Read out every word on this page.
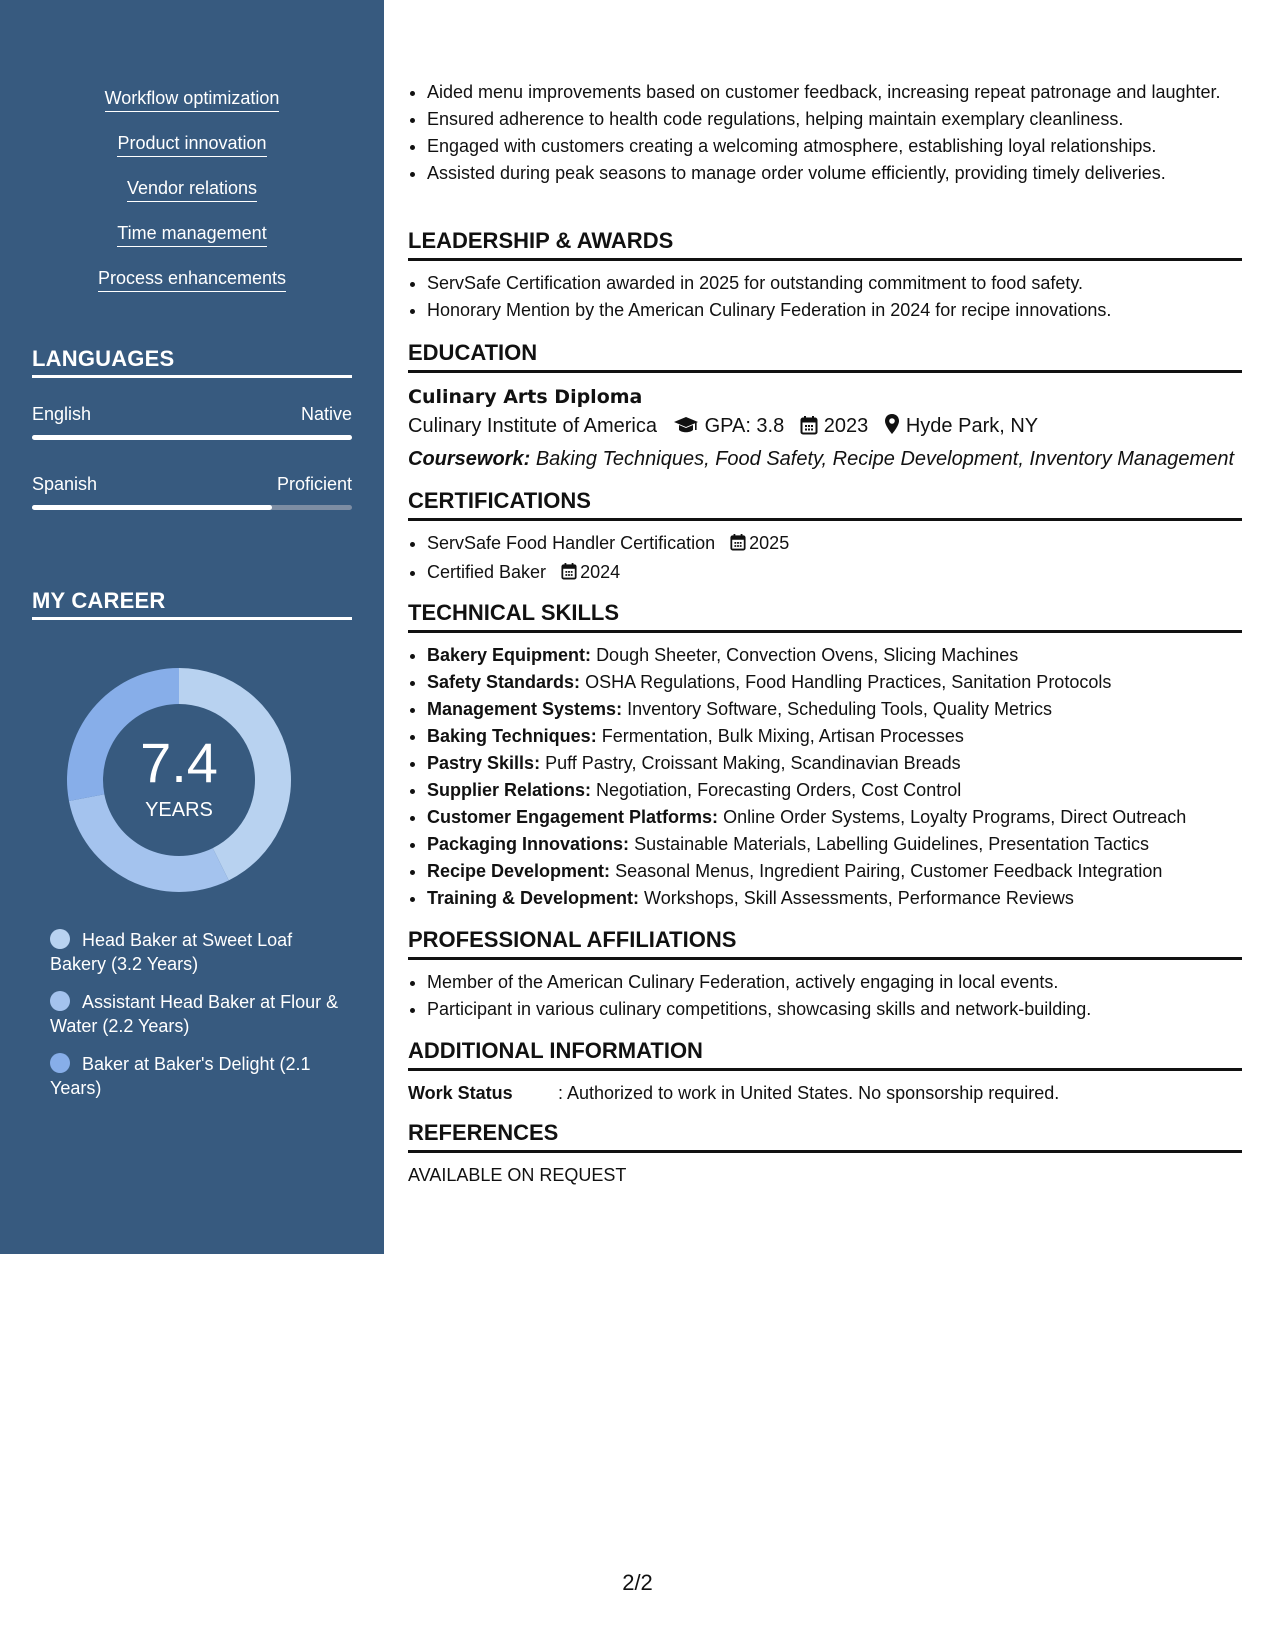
Workflow optimization
Product innovation
Vendor relations
Time management
Process enhancements
LANGUAGES
English	Native
Spanish	Proficient
MY CAREER
7.4
YEARS
Head Baker at Sweet Loaf Bakery (3.2 Years)
Assistant Head Baker at Flour & Water (2.2 Years)
Baker at Baker's Delight (2.1 Years)
• Aided menu improvements based on customer feedback, increasing repeat patronage and laughter.
• Ensured adherence to health code regulations, helping maintain exemplary cleanliness.
• Engaged with customers creating a welcoming atmosphere, establishing loyal relationships.
• Assisted during peak seasons to manage order volume efficiently, providing timely deliveries.
LEADERSHIP & AWARDS
• ServSafe Certification awarded in 2025 for outstanding commitment to food safety.
• Honorary Mention by the American Culinary Federation in 2024 for recipe innovations.
EDUCATION
Culinary Arts Diploma
Culinary Institute of America GPA: 3.8 2023 Hyde Park, NY
Coursework: Baking Techniques, Food Safety, Recipe Development, Inventory Management
CERTIFICATIONS
• ServSafe Food Handler Certification 2025
• Certified Baker 2024
TECHNICAL SKILLS
• Bakery Equipment: Dough Sheeter, Convection Ovens, Slicing Machines
• Safety Standards: OSHA Regulations, Food Handling Practices, Sanitation Protocols
• Management Systems: Inventory Software, Scheduling Tools, Quality Metrics
• Baking Techniques: Fermentation, Bulk Mixing, Artisan Processes
• Pastry Skills: Puff Pastry, Croissant Making, Scandinavian Breads
• Supplier Relations: Negotiation, Forecasting Orders, Cost Control
• Customer Engagement Platforms: Online Order Systems, Loyalty Programs, Direct Outreach
• Packaging Innovations: Sustainable Materials, Labelling Guidelines, Presentation Tactics
• Recipe Development: Seasonal Menus, Ingredient Pairing, Customer Feedback Integration
• Training & Development: Workshops, Skill Assessments, Performance Reviews
PROFESSIONAL AFFILIATIONS
• Member of the American Culinary Federation, actively engaging in local events.
• Participant in various culinary competitions, showcasing skills and network-building.
ADDITIONAL INFORMATION
Work Status	: Authorized to work in United States. No sponsorship required.
REFERENCES
AVAILABLE ON REQUEST
2/2
